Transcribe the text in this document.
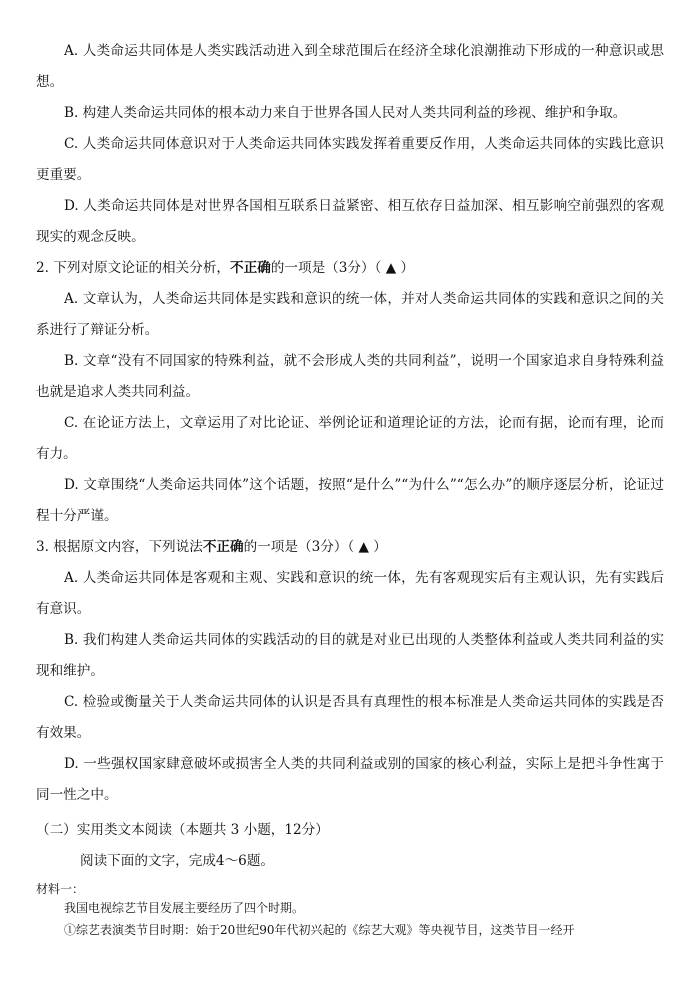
A. 人类命运共同体是人类实践活动进入到全球范围后在经济全球化浪潮推动下形成的一种意识或思想。

B. 构建人类命运共同体的根本动力来自于世界各国人民对人类共同利益的珍视、维护和争取。

C. 人类命运共同体意识对于人类命运共同体实践发挥着重要反作用，人类命运共同体的实践比意识更重要。

D. 人类命运共同体是对世界各国相互联系日益紧密、相互依存日益加深、相互影响空前强烈的客观现实的观念反映。

2. 下列对原文论证的相关分析，不正确的一项是（3分）（ ▲ ）

A. 文章认为，人类命运共同体是实践和意识的统一体，并对人类命运共同体的实践和意识之间的关系进行了辩证分析。

B. 文章“没有不同国家的特殊利益，就不会形成人类的共同利益”，说明一个国家追求自身特殊利益也就是追求人类共同利益。

C. 在论证方法上，文章运用了对比论证、举例论证和道理论证的方法，论而有据，论而有理，论而有力。

D. 文章围绕“人类命运共同体”这个话题，按照“是什么”“为什么”“怎么办”的顺序逐层分析，论证过程十分严谨。

3. 根据原文内容，下列说法不正确的一项是（3分）（ ▲ ）

A. 人类命运共同体是客观和主观、实践和意识的统一体，先有客观现实后有主观认识，先有实践后有意识。

B. 我们构建人类命运共同体的实践活动的目的就是对业已出现的人类整体利益或人类共同利益的实现和维护。

C. 检验或衡量关于人类命运共同体的认识是否具有真理性的根本标准是人类命运共同体的实践是否有效果。

D. 一些强权国家肆意破坏或损害全人类的共同利益或别的国家的核心利益，实际上是把斗争性寓于同一性之中。

（二）实用类文本阅读（本题共 3 小题，12分）

阅读下面的文字，完成4～6题。

材料一：

我国电视综艺节目发展主要经历了四个时期。

①综艺表演类节目时期：始于20世纪90年代初兴起的《综艺大观》等央视节目，这类节目一经开
